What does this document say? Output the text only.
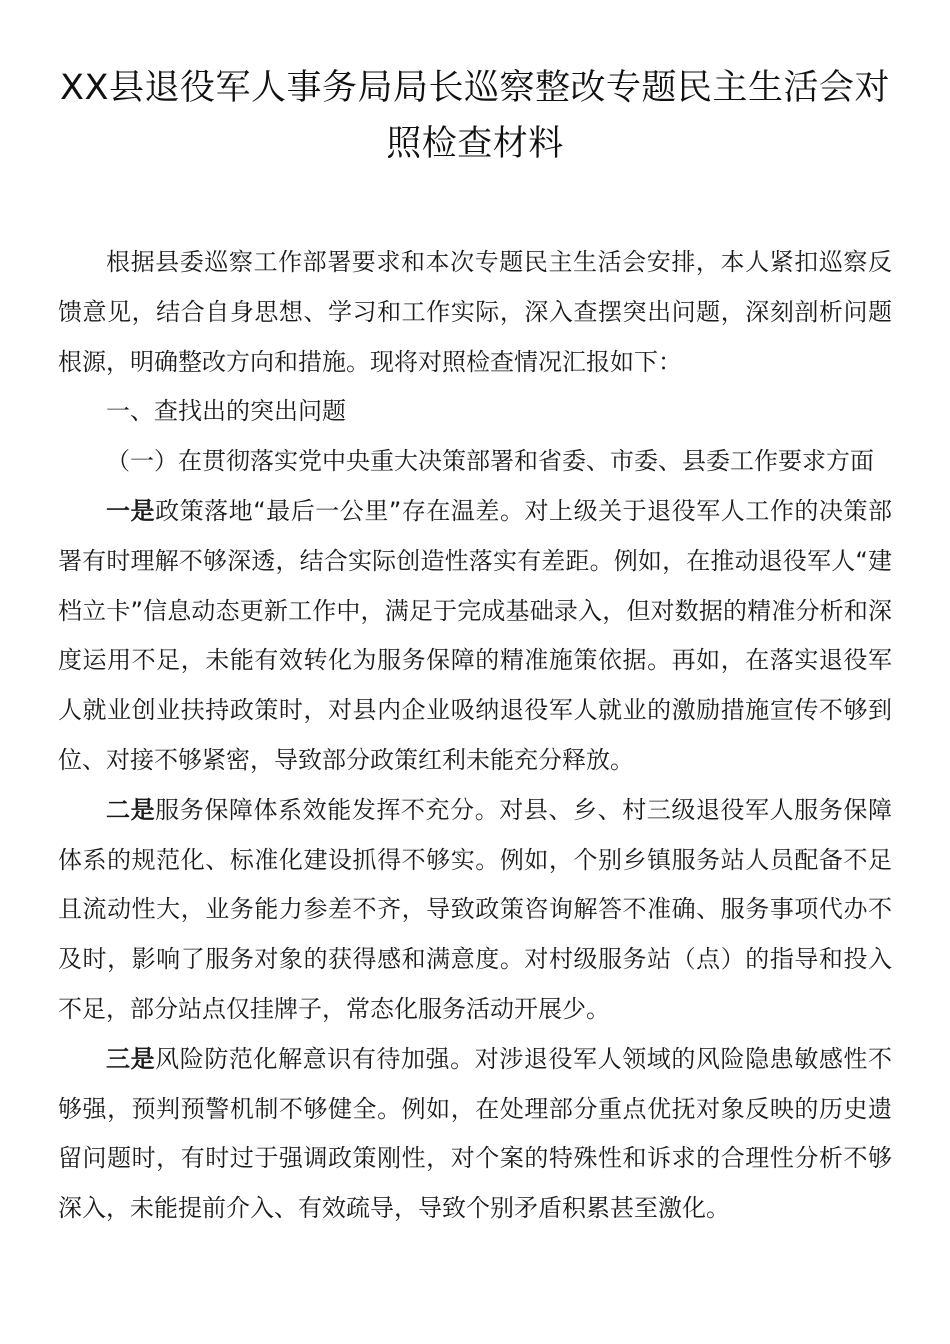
XX县退役军人事务局局长巡察整改专题民主生活会对照检查材料

根据县委巡察工作部署要求和本次专题民主生活会安排，本人紧扣巡察反馈意见，结合自身思想、学习和工作实际，深入查摆突出问题，深刻剖析问题根源，明确整改方向和措施。现将对照检查情况汇报如下：

一、查找出的突出问题

（一）在贯彻落实党中央重大决策部署和省委、市委、县委工作要求方面

一是政策落地“最后一公里”存在温差。对上级关于退役军人工作的决策部署有时理解不够深透，结合实际创造性落实有差距。例如，在推动退役军人“建档立卡”信息动态更新工作中，满足于完成基础录入，但对数据的精准分析和深度运用不足，未能有效转化为服务保障的精准施策依据。再如，在落实退役军人就业创业扶持政策时，对县内企业吸纳退役军人就业的激励措施宣传不够到位、对接不够紧密，导致部分政策红利未能充分释放。

二是服务保障体系效能发挥不充分。对县、乡、村三级退役军人服务保障体系的规范化、标准化建设抓得不够实。例如，个别乡镇服务站人员配备不足且流动性大，业务能力参差不齐，导致政策咨询解答不准确、服务事项代办不及时，影响了服务对象的获得感和满意度。对村级服务站（点）的指导和投入不足，部分站点仅挂牌子，常态化服务活动开展少。

三是风险防范化解意识有待加强。对涉退役军人领域的风险隐患敏感性不够强，预判预警机制不够健全。例如，在处理部分重点优抚对象反映的历史遗留问题时，有时过于强调政策刚性，对个案的特殊性和诉求的合理性分析不够深入，未能提前介入、有效疏导，导致个别矛盾积累甚至激化。
